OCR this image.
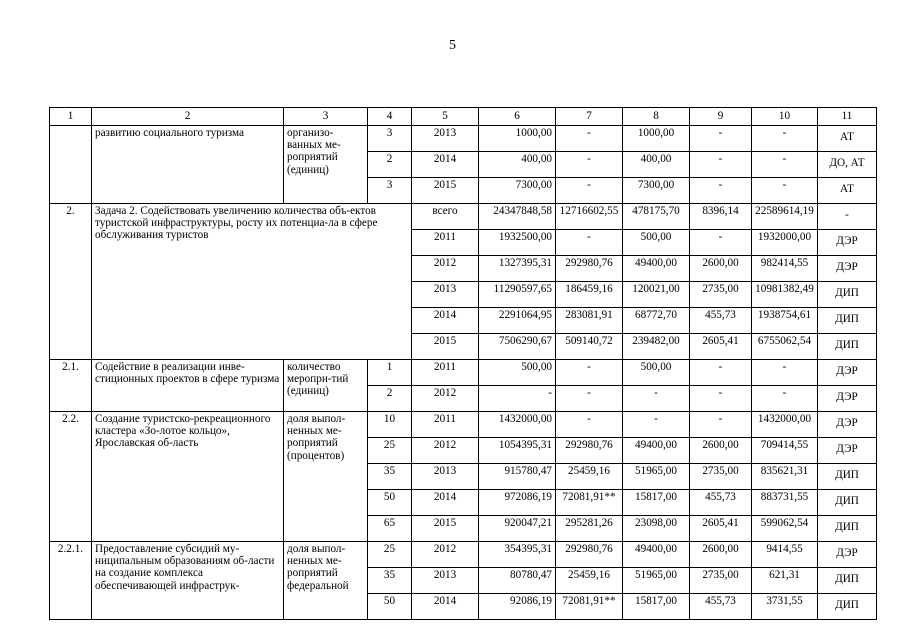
5
1	2	3	4	5	6	7	8	9	10	11
	развитию социального туризма	организо-ванных ме-роприятий (единиц)	3	2013	1000,00	-	1000,00	-	-	АТ
			2	2014	400,00	-	400,00	-	-	ДО, АТ
			3	2015	7300,00	-	7300,00	-	-	АТ
2.	Задача 2. Содействовать увеличению количества объ-ектов туристской инфраструктуры, росту их потенциа-ла в сфере обслуживания туристов			всего	24347848,58	12716602,55	478175,70	8396,14	22589614,19	-
				2011	1932500,00	-	500,00	-	1932000,00	ДЭР
				2012	1327395,31	292980,76	49400,00	2600,00	982414,55	ДЭР
				2013	11290597,65	186459,16	120021,00	2735,00	10981382,49	ДИП
				2014	2291064,95	283081,91	68772,70	455,73	1938754,61	ДИП
				2015	7506290,67	509140,72	239482,00	2605,41	6755062,54	ДИП
2.1.	Содействие в реализации инве-стиционных проектов в сфере туризма	количество меропри-тий (единиц)	1	2011	500,00	-	500,00	-	-	ДЭР
			2	2012	-	-	-	-	-	ДЭР
2.2.	Создание туристско-рекреационного кластера «Зо-лотое кольцо», Ярославская об-ласть	доля выпол-ненных ме-роприятий (процентов)	10	2011	1432000,00	-	-	-	1432000,00	ДЭР
			25	2012	1054395,31	292980,76	49400,00	2600,00	709414,55	ДЭР
			35	2013	915780,47	25459,16	51965,00	2735,00	835621,31	ДИП
			50	2014	972086,19	72081,91**	15817,00	455,73	883731,55	ДИП
			65	2015	920047,21	295281,26	23098,00	2605,41	599062,54	ДИП
2.2.1.	Предоставление субсидий му-ниципальным образованиям об-ласти на создание комплекса обеспечивающей инфраструк-	доля выпол-ненных ме-роприятий федеральной	25	2012	354395,31	292980,76	49400,00	2600,00	9414,55	ДЭР
			35	2013	80780,47	25459,16	51965,00	2735,00	621,31	ДИП
			50	2014	92086,19	72081,91**	15817,00	455,73	3731,55	ДИП
